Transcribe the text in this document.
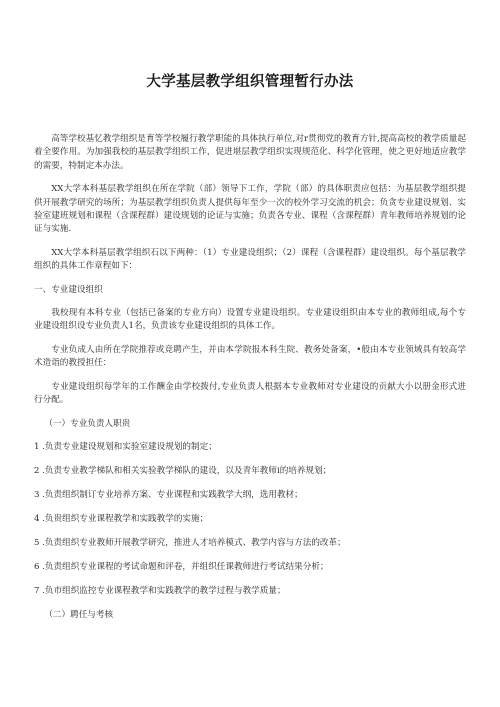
大学基层教学组织管理暂行办法

高等学校基忆教学组织是育等学校履行教学职能的具体执行单位,对r贯彻党的教育方针,提高高校的教学质量起着全要作用。为加强我校的基层教学组织工作，促进堪层教学组织实现规范化、科学化管理，使之更好地适应教学的需要，特制定本办法。

XX大学本科基层教学组织在所在学院（部）领导下工作，学院（部）的具体职责应包括：为基层教学组织提供开展教学研究的场所；为基层教学组织负责人提供每年至少一次的校外学习交流的机会；负贪专业建设规划、实验室建班规划和课程（含课程群）建设规划的论证与实施；负责各专业、课程（含课程群）青年教师培养规划的论证与实施.

XX大学本科基层教学组织石以下两种：（1）专业建设组织；（2）课程（含课程群）建设组织。每个基层教学组织的具体工作章程如下：

一、专业建设组织

我校现有本科专业（包括已备案的专业方向）设置专业建设组织。专业建设组织由本专业的教师组成,每个专业建设组织设专业负责人1名，负责该专业建设组织的具体工作。

专业负成人由所在学院推荐或竞聘产生，并由本学院报本科生院、教务处备案，•般由本专业领域具有较高学术造诣的教授担任：

专业建设组织每学年的工作酬金由学校拨付,专业负责人根据本专业教师对专业建设的贡献大小以册金形式进行分配。

（一）专业负责人职贵

1 .负责专业建设规划和实验室建设规划的制定；

2 .负责专业教学梯队和相关实验教学梯队的建设，以及青年教师i的培养规划；

3 .负责组织制订专业培养方案、专业课程和实践教学大纲，选用教材；

4 .负贵组织专业课程教学和实践教学的实施；

5 .负责组织专业教师开展教学研究，推进人才培养模式、教学内容与方法的改革；

6 .负责组织专业课程的考试命题和评卷，并组织任课教师进行考试结果分析；

7 .负市组织监控专业课程教学和实践教学的教学过程与教学质量；

（二）聘任与考核
